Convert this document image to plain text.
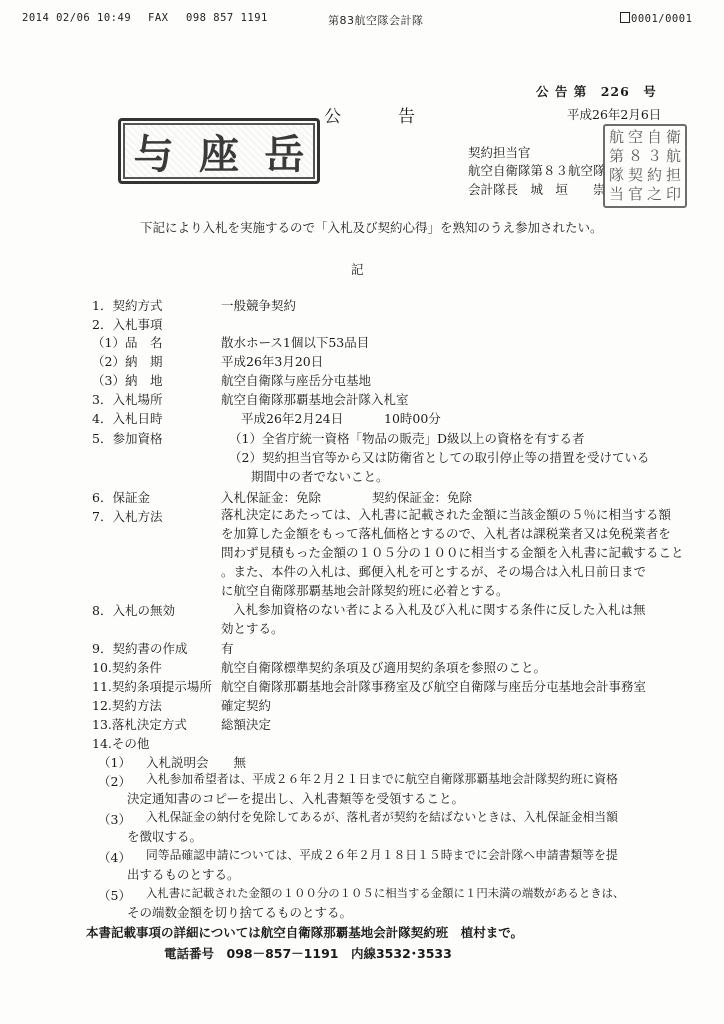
2014 02/06 10:49 FAX 098 857 1191	第83航空隊会計隊	0001/0001
公 告 第　226　号
平成26年2月6日
公	告
与 座 岳	契約担当官
航空自衛隊第８３航空隊
会計隊長　城　垣　　崇
航 空 自 衛
第 ８ ３ 航
隊 契 約 担
当 官 之 印
下記により入札を実施するので「入札及び契約心得」を熟知のうえ参加されたい。
記
1．契約方式	一般競争契約
2．入札事項
（1）品　名	散水ホース1個以下53品目
（2）納　期	平成26年3月20日
（3）納　地	航空自衛隊与座岳分屯基地
3．入札場所	航空自衛隊那覇基地会計隊入札室
4．入札日時	平成26年2月24日	10時00分
5．参加資格	（1）全省庁統一資格「物品の販売」D級以上の資格を有する者
（2）契約担当官等から又は防衛省としての取引停止等の措置を受けている
期間中の者でないこと。
6．保証金	入札保証金：免除	契約保証金：免除
7．入札方法	落札決定にあたっては、入札書に記載された金額に当該金額の５％に相当する額
を加算した金額をもって落札価格とするので、入札者は課税業者又は免税業者を
問わず見積もった金額の１０５分の１００に相当する金額を入札書に記載すること
。また、本件の入札は、郵便入札を可とするが、その場合は入札日前日まで
に航空自衛隊那覇基地会計隊契約班に必着とする。
8．入札の無効	入札参加資格のない者による入札及び入札に関する条件に反した入札は無
効とする。
9．契約書の作成	有
10.契約条件	航空自衛隊標準契約条項及び適用契約条項を参照のこと。
11.契約条項提示場所 航空自衛隊那覇基地会計隊事務室及び航空自衛隊与座岳分屯基地会計事務室
12.契約方法	確定契約
13.落札決定方式	総額決定
14.その他
（1） 入札説明会　　無
（2） 入札参加希望者は、平成２６年２月２１日までに航空自衛隊那覇基地会計隊契約班に資格
決定通知書のコピーを提出し、入札書類等を受領すること。
（3） 入札保証金の納付を免除してあるが、落札者が契約を結ばないときは、入札保証金相当額
を徴収する。
（4） 同等品確認申請については、平成２６年２月１８日１５時までに会計隊へ申請書類等を提
出するものとする。
（5） 入札書に記載された金額の１００分の１０５に相当する金額に１円未満の端数があるときは、
その端数金額を切り捨てるものとする。
本書記載事項の詳細については航空自衛隊那覇基地会計隊契約班　植村まで。
電話番号　098－857－1191　内線3532･3533
